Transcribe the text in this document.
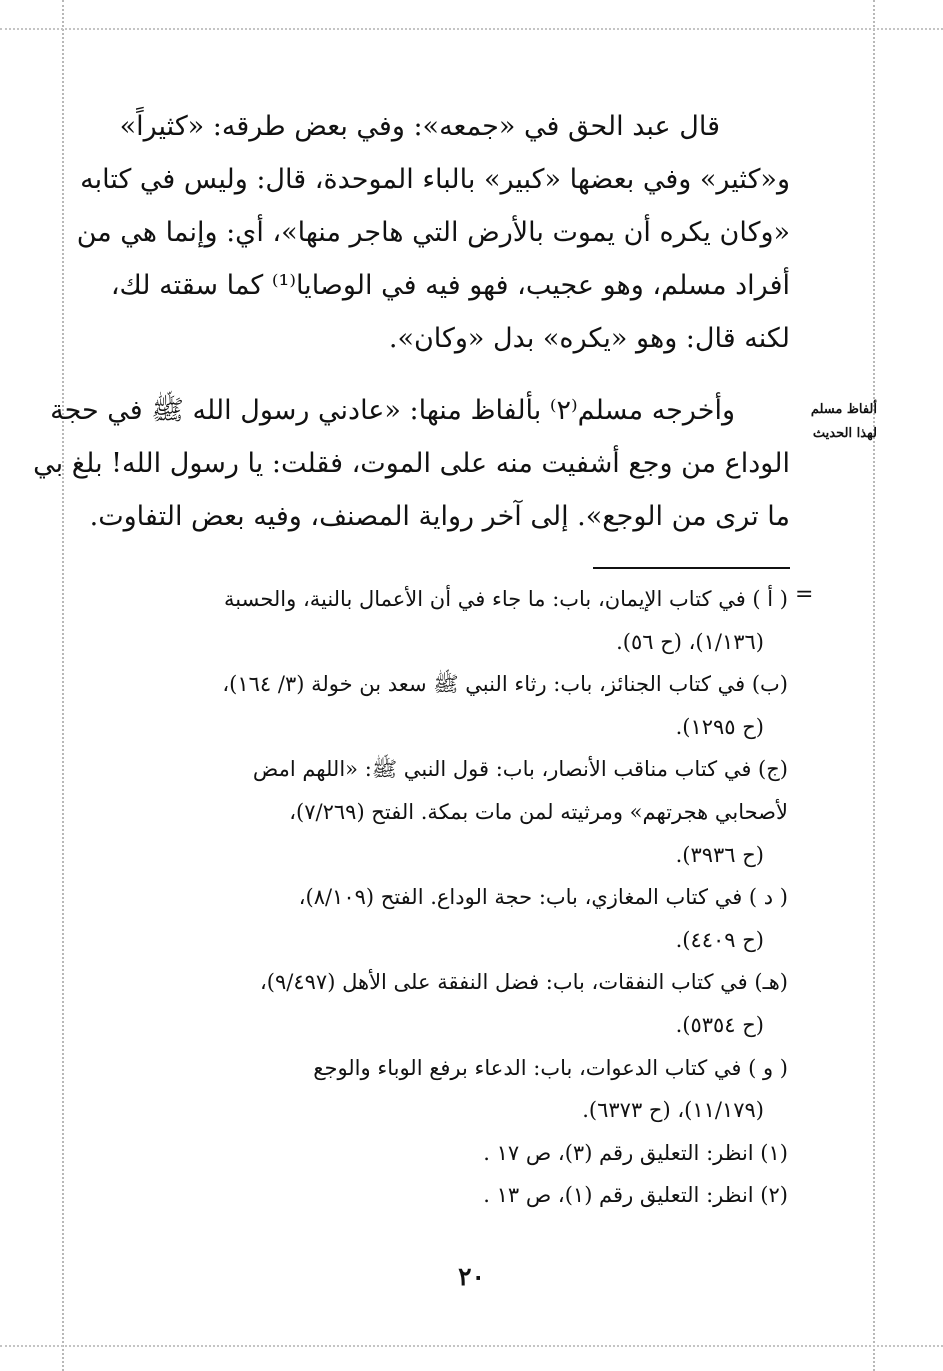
قال عبد الحق في «جمعه»: وفي بعض طرقه: «كثيراً»

و«كثير» وفي بعضها «كبير» بالباء الموحدة، قال: وليس في كتابه

«وكان يكره أن يموت بالأرض التي هاجر منها»، أي: وإنما هي من

أفراد مسلم، وهو عجيب، فهو فيه في الوصايا⁽¹⁾ كما سقته لك،

لكنه قال: وهو «يكره» بدل «وكان».

ألفاظ مسلم
لهذا الحديث

وأخرجه مسلم⁽٢⁾ بألفاظ منها: «عادني رسول الله ﷺ في حجة

الوداع من وجع أشفيت منه على الموت، فقلت: يا رسول الله! بلغ بي

ما ترى من الوجع». إلى آخر رواية المصنف، وفيه بعض التفاوت.

=
( أ ) في كتاب الإيمان، باب: ما جاء في أن الأعمال بالنية، والحسبة
(١/١٣٦)، (ح ٥٦).
(ب) في كتاب الجنائز، باب: رثاء النبي ﷺ سعد بن خولة (٣/ ١٦٤)،
(ح ١٢٩٥).
(ج) في كتاب مناقب الأنصار، باب: قول النبي ﷺ: «اللهم امض
لأصحابي هجرتهم» ومرثيته لمن مات بمكة. الفتح (٧/٢٦٩)،
(ح ٣٩٣٦).
( د ) في كتاب المغازي، باب: حجة الوداع. الفتح (٨/١٠٩)،
(ح ٤٤٠٩).
(هـ) في كتاب النفقات، باب: فضل النفقة على الأهل (٩/٤٩٧)،
(ح ٥٣٥٤).
( و ) في كتاب الدعوات، باب: الدعاء برفع الوباء والوجع
(١١/١٧٩)، (ح ٦٣٧٣).
(١) انظر: التعليق رقم (٣)، ص ١٧ .
(٢) انظر: التعليق رقم (١)، ص ١٣ .
٢٠
